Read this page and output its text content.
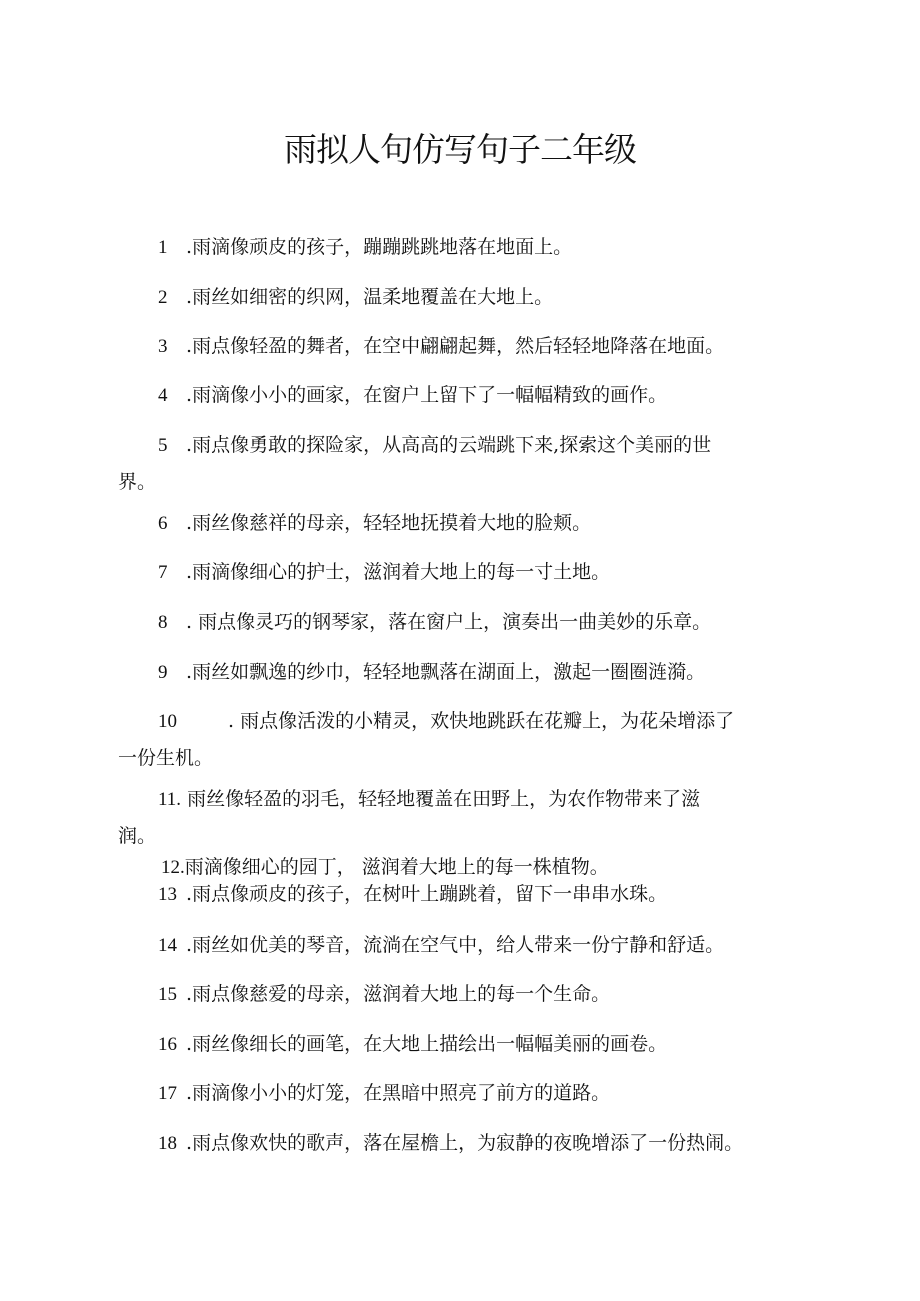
雨拟人句仿写句子二年级
1 .雨滴像顽皮的孩子，蹦蹦跳跳地落在地面上。
2 .雨丝如细密的织网，温柔地覆盖在大地上。
3 .雨点像轻盈的舞者，在空中翩翩起舞，然后轻轻地降落在地面。
4 .雨滴像小小的画家，在窗户上留下了一幅幅精致的画作。
5 .雨点像勇敢的探险家，从高高的云端跳下来,探索这个美丽的世
界。
6 .雨丝像慈祥的母亲，轻轻地抚摸着大地的脸颊。
7 .雨滴像细心的护士，滋润着大地上的每一寸土地。
8 . 雨点像灵巧的钢琴家，落在窗户上，演奏出一曲美妙的乐章。
9 .雨丝如飘逸的纱巾，轻轻地飘落在湖面上，激起一圈圈涟漪。
10	. 雨点像活泼的小精灵，欢快地跳跃在花瓣上，为花朵增添了
一份生机。
11. 雨丝像轻盈的羽毛，轻轻地覆盖在田野上，为农作物带来了滋
润。
12.雨滴像细心的园丁， 滋润着大地上的每一株植物。
13 .雨点像顽皮的孩子，在树叶上蹦跳着，留下一串串水珠。
14 .雨丝如优美的琴音，流淌在空气中，给人带来一份宁静和舒适。
15 .雨点像慈爱的母亲，滋润着大地上的每一个生命。
16 .雨丝像细长的画笔，在大地上描绘出一幅幅美丽的画卷。
17 .雨滴像小小的灯笼，在黑暗中照亮了前方的道路。
18 .雨点像欢快的歌声，落在屋檐上，为寂静的夜晚增添了一份热闹。
